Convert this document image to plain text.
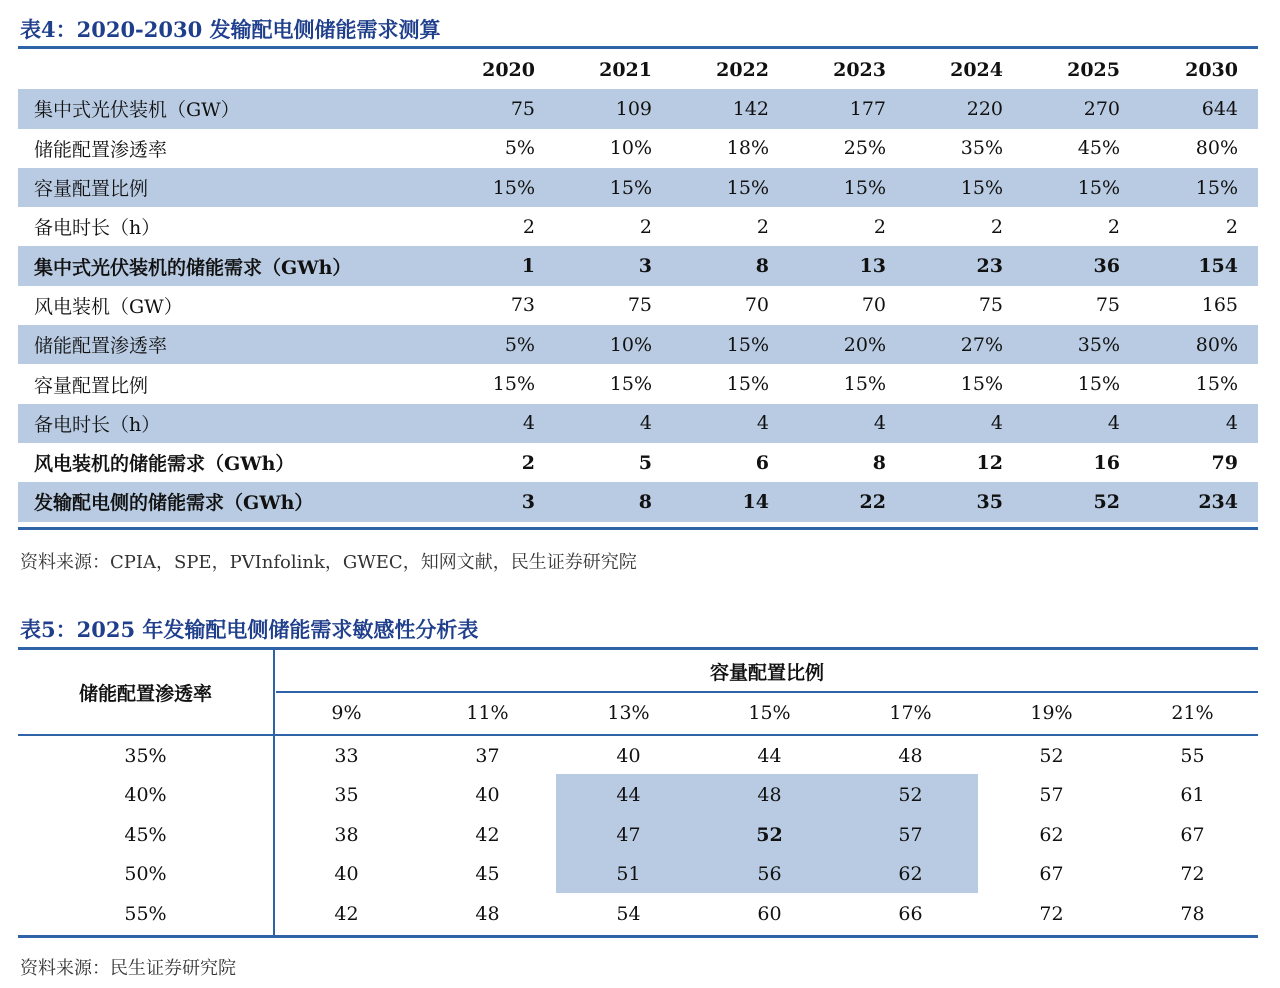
表4：2020-2030 发输配电侧储能需求测算
	2020	2021	2022	2023	2024	2025	2030
集中式光伏装机（GW）	75	109	142	177	220	270	644
储能配置渗透率	5%	10%	18%	25%	35%	45%	80%
容量配置比例	15%	15%	15%	15%	15%	15%	15%
备电时长（h）	2	2	2	2	2	2	2
集中式光伏装机的储能需求（GWh）	1	3	8	13	23	36	154
风电装机（GW）	73	75	70	70	75	75	165
储能配置渗透率	5%	10%	15%	20%	27%	35%	80%
容量配置比例	15%	15%	15%	15%	15%	15%	15%
备电时长（h）	4	4	4	4	4	4	4
风电装机的储能需求（GWh）	2	5	6	8	12	16	79
发输配电侧的储能需求（GWh）	3	8	14	22	35	52	234
资料来源：CPIA，SPE，PVInfolink，GWEC，知网文献，民生证券研究院
表5：2025 年发输配电侧储能需求敏感性分析表
储能配置渗透率
容量配置比例
9%	11%	13%	15%	17%	19%	21%
35%	33	37	40	44	48	52	55
40%	35	40	44	48	52	57	61
45%	38	42	47	52	57	62	67
50%	40	45	51	56	62	67	72
55%	42	48	54	60	66	72	78
资料来源：民生证券研究院
